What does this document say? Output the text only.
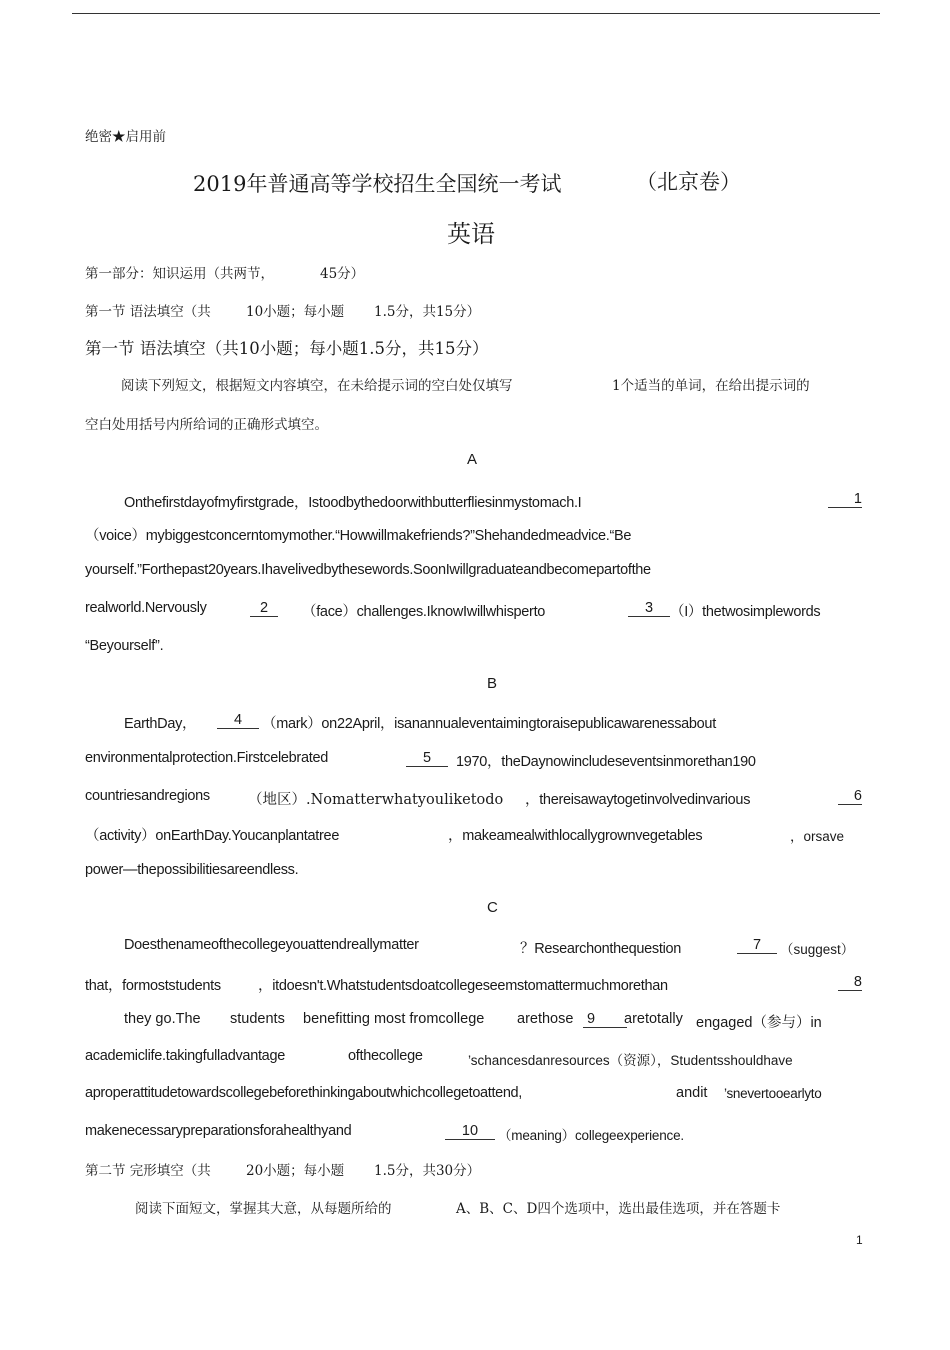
绝密★启用前
2019年普通高等学校招生全国统一考试	（北京卷）
英语
第一部分：知识运用（共两节，	45分）
第一节 语法填空（共	10小题；每小题 1.5分，共15分）
第一节 语法填空（共10小题；每小题1.5分，共15分）
阅读下列短文，根据短文内容填空，在未给提示词的空白处仅填写	1个适当的单词，在给出提示词的
空白处用括号内所给词的正确形式填空。
A
Onthefirstdayofmyfirstgrade，Istoodbythedoorwithbutterfliesinmystomach.I	1
（voice）mybiggestconcerntomymother.“Howwillmakefriends?”Shehandedmeadvice.“Be
yourself.”Forthepast20years.Ihavelivedbythesewords.SoonIwillgraduateandbecomepartofthe
realworld.Nervously	2	（face）challenges.IknowIwillwhisperto	3	（I）thetwosimplewords
“Beyourself”.
B
EarthDay，	4	（mark）on22April，isanannualeventaimingtoraisepublicawarenessabout
environmentalprotection.Firstcelebrated	5	1970，theDaynowincludeseventsinmorethan190
countriesandregions	（地区）.Nomatterwhatyouliketodo ，thereisawaytogetinvolvedinvarious	6
（activity）onEarthDay.Youcanplantatree	，makeamealwithlocallygrownvegetables	，orsave
power—thepossibilitiesareendless.
C
Doesthenameofthecollegeyouattendreallymatter	？Researchonthequestion	7	（suggest）
that，formoststudents	，itdoesn't.Whatstudentsdoatcollegeseemstomattermuchmorethan	8
they go.The students benefitting most fromcollege arethose 9	aretotally engaged（参与）in
academiclife.takingfulladvantage	ofthecollege	’schancesdanresources（资源），Studentsshouldhave
aproperattitudetowardscollegebeforethinkingaboutwhichcollegetoattend,	andit ’snevertooearlyto
makenecessarypreparationsforahealthyand	10	（meaning）collegeexperience.
第二节 完形填空（共	20小题；每小题 1.5分，共30分）
阅读下面短文，掌握其大意，从每题所给的	A、B、C、D四个选项中，选出最佳选项，并在答题卡
1
